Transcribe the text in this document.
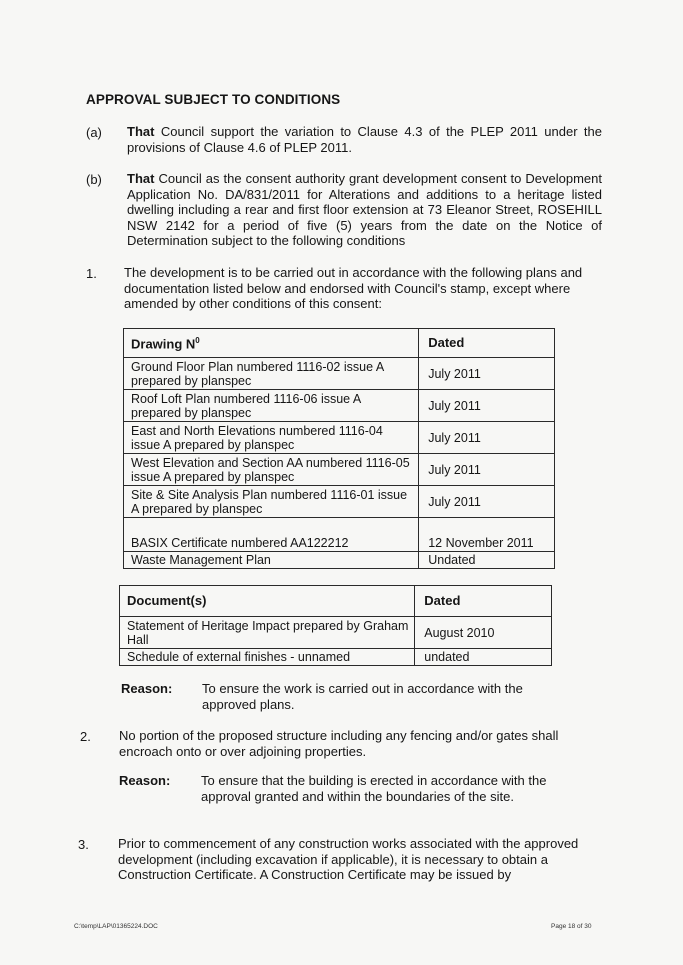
APPROVAL SUBJECT TO CONDITIONS
(a) That Council support the variation to Clause 4.3 of the PLEP 2011 under the provisions of Clause 4.6 of PLEP 2011.
(b) That Council as the consent authority grant development consent to Development Application No. DA/831/2011 for Alterations and additions to a heritage listed dwelling including a rear and first floor extension at 73 Eleanor Street, ROSEHILL NSW 2142 for a period of five (5) years from the date on the Notice of Determination subject to the following conditions
1. The development is to be carried out in accordance with the following plans and documentation listed below and endorsed with Council's stamp, except where amended by other conditions of this consent:
Drawing $N^0$	Dated
Ground Floor Plan numbered 1116-02 issue A prepared by planspec	July 2011
Roof Loft Plan numbered 1116-06 issue A prepared by planspec	July 2011
East and North Elevations numbered 1116-04 issue A prepared by planspec	July 2011
West Elevation and Section AA numbered 1116-05 issue A prepared by planspec	July 2011
Site & Site Analysis Plan numbered 1116-01 issue A prepared by planspec	July 2011
BASIX Certificate numbered AA122212	12 November 2011
Waste Management Plan	Undated
Document(s)	Dated
Statement of Heritage Impact prepared by Graham Hall	August 2010
Schedule of external finishes - unnamed	undated
Reason: To ensure the work is carried out in accordance with the approved plans.
2. No portion of the proposed structure including any fencing and/or gates shall encroach onto or over adjoining properties.
Reason: To ensure that the building is erected in accordance with the approval granted and within the boundaries of the site.
3. Prior to commencement of any construction works associated with the approved development (including excavation if applicable), it is necessary to obtain a Construction Certificate. A Construction Certificate may be issued by
C:\temp\LAP\01365224.DOC	Page 18 of 30
